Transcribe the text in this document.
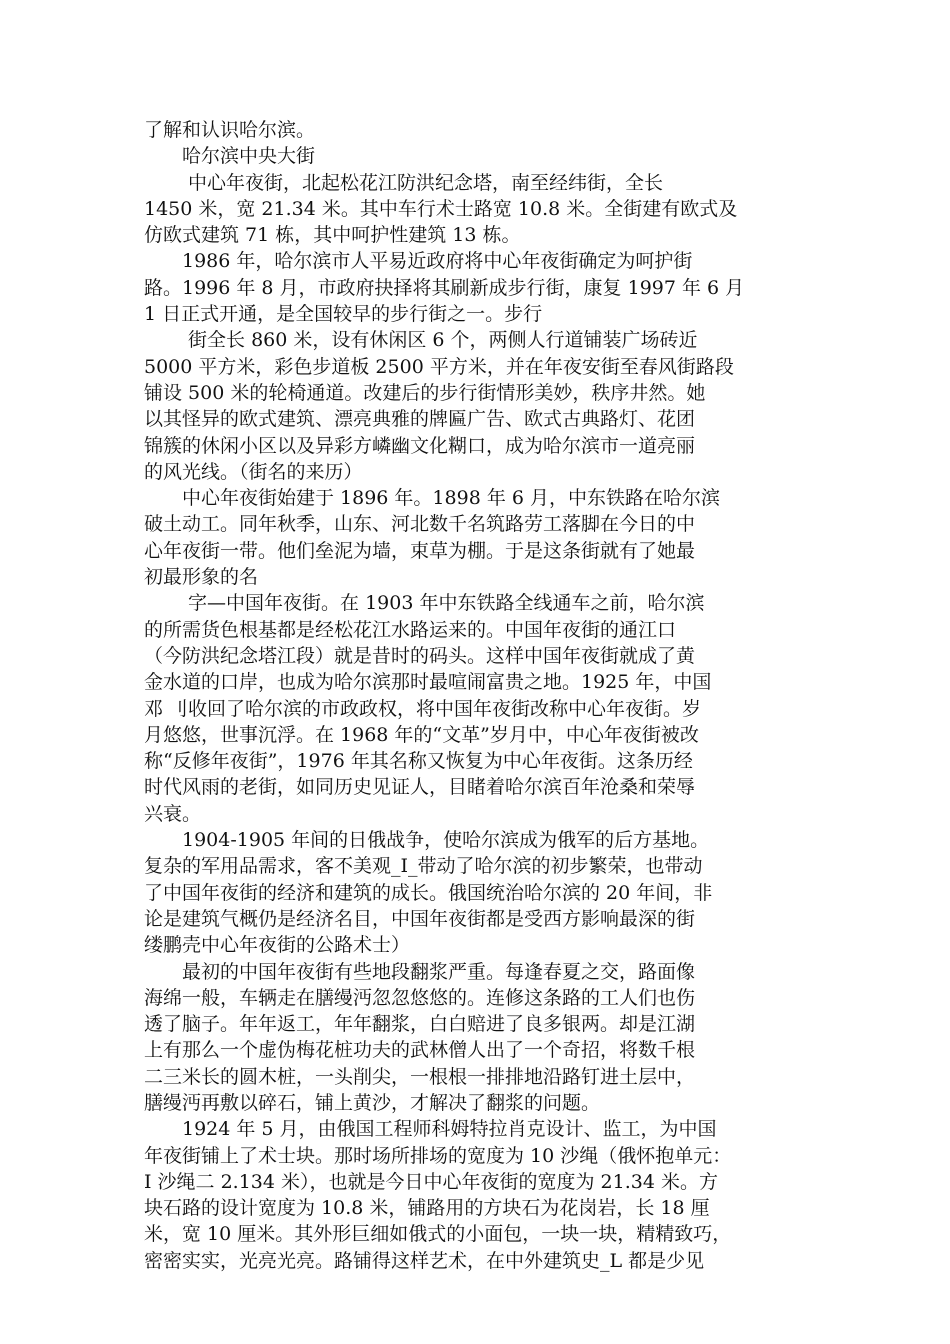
了解和认识哈尔滨。
　　哈尔滨中央大街
　　 中心年夜街，北起松花江防洪纪念塔，南至经纬街，全长
1450 米，宽 21.34 米。其中车行术士路宽 10.8 米。全街建有欧式及
仿欧式建筑 71 栋，其中呵护性建筑 13 栋。
　　1986 年，哈尔滨市人平易近政府将中心年夜街确定为呵护街
路。1996 年 8 月，市政府抉择将其刷新成步行街，康复 1997 年 6 月
1 日正式开通，是全国较早的步行街之一。步行
　　 街全长 860 米，设有休闲区 6 个，两侧人行道铺装广场砖近
5000 平方米，彩色步道板 2500 平方米，并在年夜安街至春风街路段
铺设 500 米的轮椅通道。改建后的步行街情形美妙，秩序井然。她
以其怪异的欧式建筑、漂亮典雅的牌匾广告、欧式古典路灯、花团
锦簇的休闲小区以及异彩方嶙幽文化糊口，成为哈尔滨市一道亮丽
的风光线。（街名的来历）
　　中心年夜街始建于 1896 年。1898 年 6 月，中东铁路在哈尔滨
破土动工。同年秋季，山东、河北数千名筑路劳工落脚在今日的中
心年夜街一带。他们垒泥为墙，束草为棚。于是这条街就有了她最
初最形象的名
　　 字—中国年夜街。在 1903 年中东铁路全线通车之前，哈尔滨
的所需货色根基都是经松花江水路运来的。中国年夜街的通江口
（今防洪纪念塔江段）就是昔时的码头。这样中国年夜街就成了黄
金水道的口岸，也成为哈尔滨那时最喧闹富贵之地。1925 年，中国
邓 刂收回了哈尔滨的市政政权，将中国年夜街改称中心年夜街。岁
月悠悠，世事沉浮。在 1968 年的“文革”岁月中，中心年夜街被改
称“反修年夜街”，1976 年其名称又恢复为中心年夜街。这条历经
时代风雨的老街，如同历史见证人，目睹着哈尔滨百年沧桑和荣辱
兴衰。
　　1904-1905 年间的日俄战争，使哈尔滨成为俄军的后方基地。
复杂的军用品需求，客不美观_I_带动了哈尔滨的初步繁荣，也带动
了中国年夜街的经济和建筑的成长。俄国统治哈尔滨的 20 年间，非
论是建筑气概仍是经济名目，中国年夜街都是受西方影响最深的街
缕鹏壳中心年夜街的公路术士）
　　最初的中国年夜街有些地段翻浆严重。每逢春夏之交，路面像
海绵一般，车辆走在膳缦沔忽忽悠悠的。连修这条路的工人们也伤
透了脑子。年年返工，年年翻浆，白白赔进了良多银两。却是江湖
上有那么一个虚伪梅花桩功夫的武林僧人出了一个奇招，将数千根
二三米长的圆木桩，一头削尖，一根根一排排地沿路钉进土层中，
膳缦沔再敷以碎石，铺上黄沙，才解决了翻浆的问题。
　　1924 年 5 月，由俄国工程师科姆特拉肖克设计、监工，为中国
年夜街铺上了术士块。那时场所排场的宽度为 10 沙绳（俄怀抱单元：
I 沙绳二 2.134 米），也就是今日中心年夜街的宽度为 21.34 米。方
块石路的设计宽度为 10.8 米，铺路用的方块石为花岗岩，长 18 厘
米，宽 10 厘米。其外形巨细如俄式的小面包，一块一块，精精致巧，
密密实实，光亮光亮。路铺得这样艺术，在中外建筑史_L 都是少见
